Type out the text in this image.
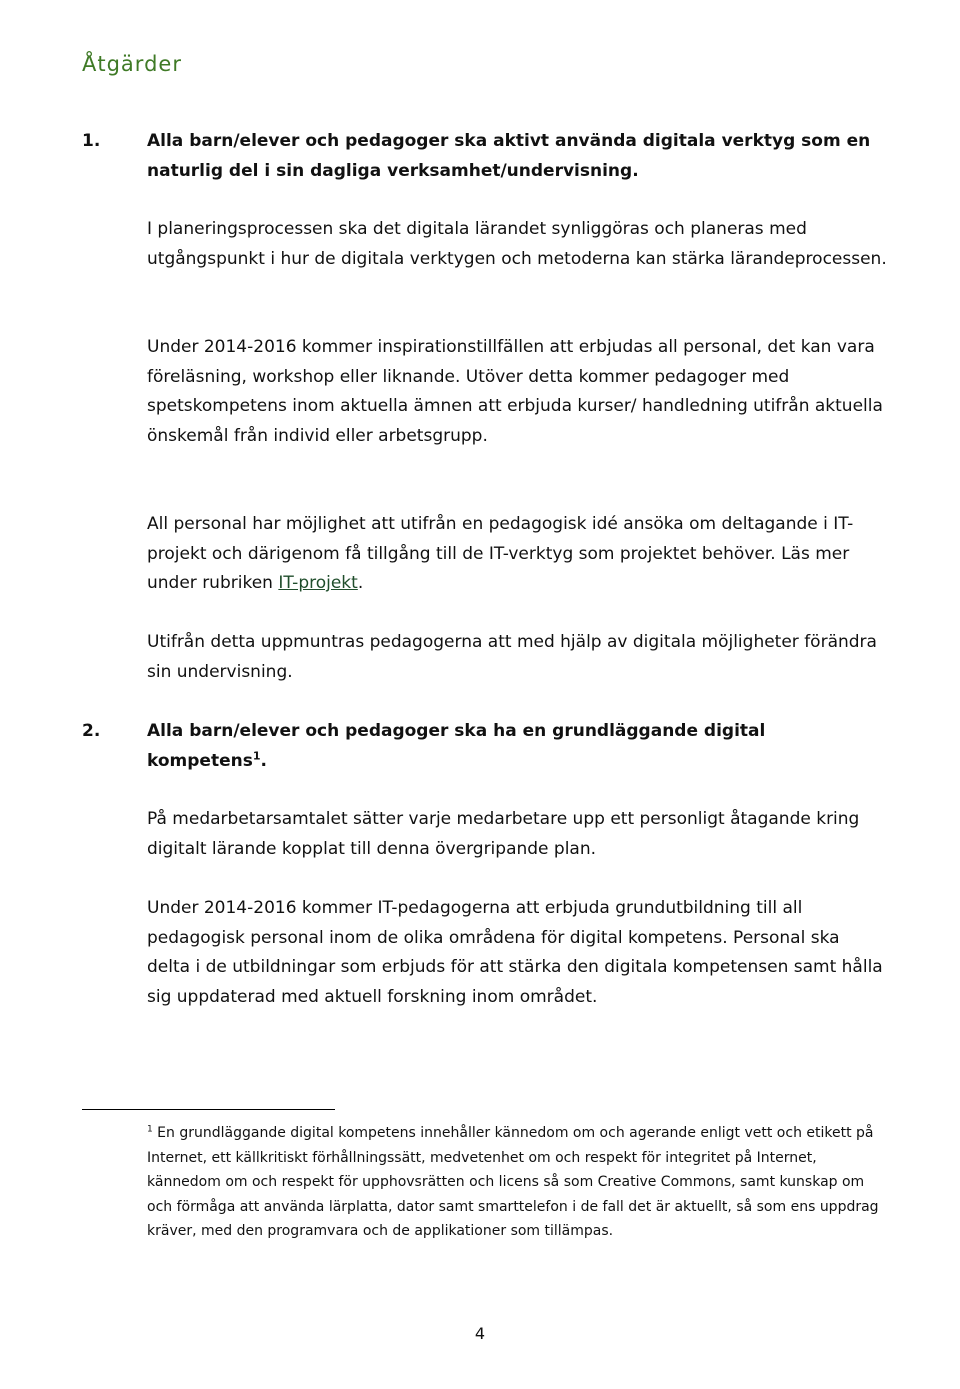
Åtgärder
1.	Alla barn/elever och pedagoger ska aktivt använda digitala verktyg som en naturlig del i sin dagliga verksamhet/undervisning.

I planeringsprocessen ska det digitala lärandet synliggöras och planeras med utgångspunkt i hur de digitala verktygen och metoderna kan stärka lärandeprocessen.

Under 2014-2016 kommer inspirationstillfällen att erbjudas all personal, det kan vara föreläsning, workshop eller liknande. Utöver detta kommer pedagoger med spetskompetens inom aktuella ämnen att erbjuda kurser/ handledning utifrån aktuella önskemål från individ eller arbetsgrupp.

All personal har möjlighet att utifrån en pedagogisk idé ansöka om deltagande i IT-projekt och därigenom få tillgång till de IT-verktyg som projektet behöver. Läs mer under rubriken IT-projekt.

Utifrån detta uppmuntras pedagogerna att med hjälp av digitala möjligheter förändra sin undervisning.

2.	Alla barn/elever och pedagoger ska ha en grundläggande digital kompetens$^1$.

På medarbetarsamtalet sätter varje medarbetare upp ett personligt åtagande kring digitalt lärande kopplat till denna övergripande plan.

Under 2014-2016 kommer IT-pedagogerna att erbjuda grundutbildning till all pedagogisk personal inom de olika områdena för digital kompetens. Personal ska delta i de utbildningar som erbjuds för att stärka den digitala kompetensen samt hålla sig uppdaterad med aktuell forskning inom området.

$^1$ En grundläggande digital kompetens innehåller kännedom om och agerande enligt vett och etikett på Internet, ett källkritiskt förhållningssätt, medvetenhet om och respekt för integritet på Internet, kännedom om och respekt för upphovsrätten och licens så som Creative Commons, samt kunskap om och förmåga att använda lärplatta, dator samt smarttelefon i de fall det är aktuellt, så som ens uppdrag kräver, med den programvara och de applikationer som tillämpas.

4
